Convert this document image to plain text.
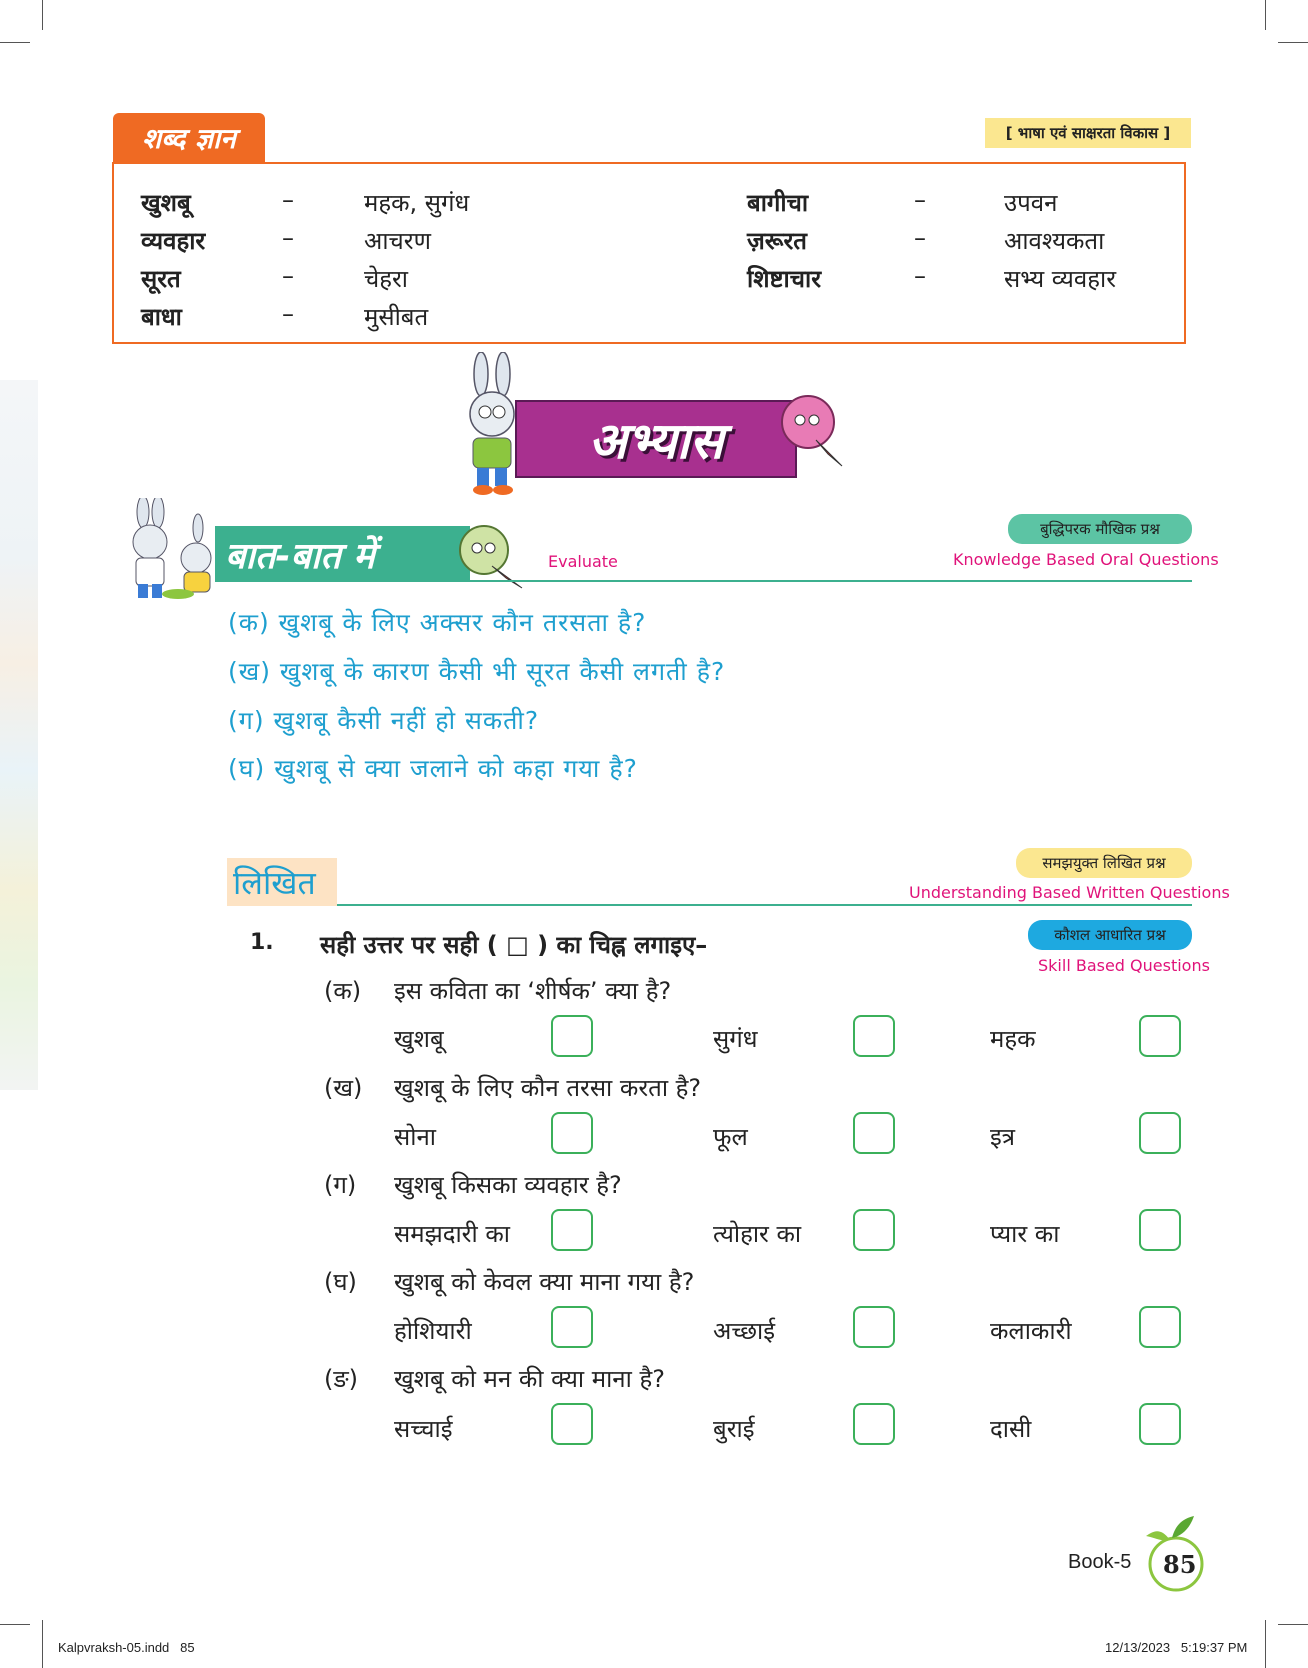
शब्द ज्ञान	[ भाषा एवं साक्षरता विकास ]
खुशबू	–	महक, सुगंध
व्यवहार	–	आचरण
सूरत	–	चेहरा
बाधा	–	मुसीबत
बागीचा	–	उपवन
ज़रूरत	–	आवश्यकता
शिष्टाचार	–	सभ्य व्यवहार
अभ्यास
बात-बात में	Evaluate
बुद्धिपरक मौखिक प्रश्न
Knowledge Based Oral Questions
(क) खुशबू के लिए अक्सर कौन तरसता है?
(ख) खुशबू के कारण कैसी भी सूरत कैसी लगती है?
(ग) खुशबू कैसी नहीं हो सकती?
(घ) खुशबू से क्या जलाने को कहा गया है?
लिखित
समझयुक्त लिखित प्रश्न
Understanding Based Written Questions
कौशल आधारित प्रश्न
Skill Based Questions
1. सही उत्तर पर सही ( □ ) का चिह्न लगाइए–
(क) इस कविता का ‘शीर्षक’ क्या है?
खुशबू	सुगंध	महक
(ख) खुशबू के लिए कौन तरसा करता है?
सोना	फूल	इत्र
(ग) खुशबू किसका व्यवहार है?
समझदारी का	त्योहार का	प्यार का
(घ) खुशबू को केवल क्या माना गया है?
होशियारी	अच्छाई	कलाकारी
(ङ) खुशबू को मन की क्या माना है?
सच्चाई	बुराई	दासी
Book-5 85
Kalpvraksh-05.indd   85	12/13/2023   5:19:37 PM
